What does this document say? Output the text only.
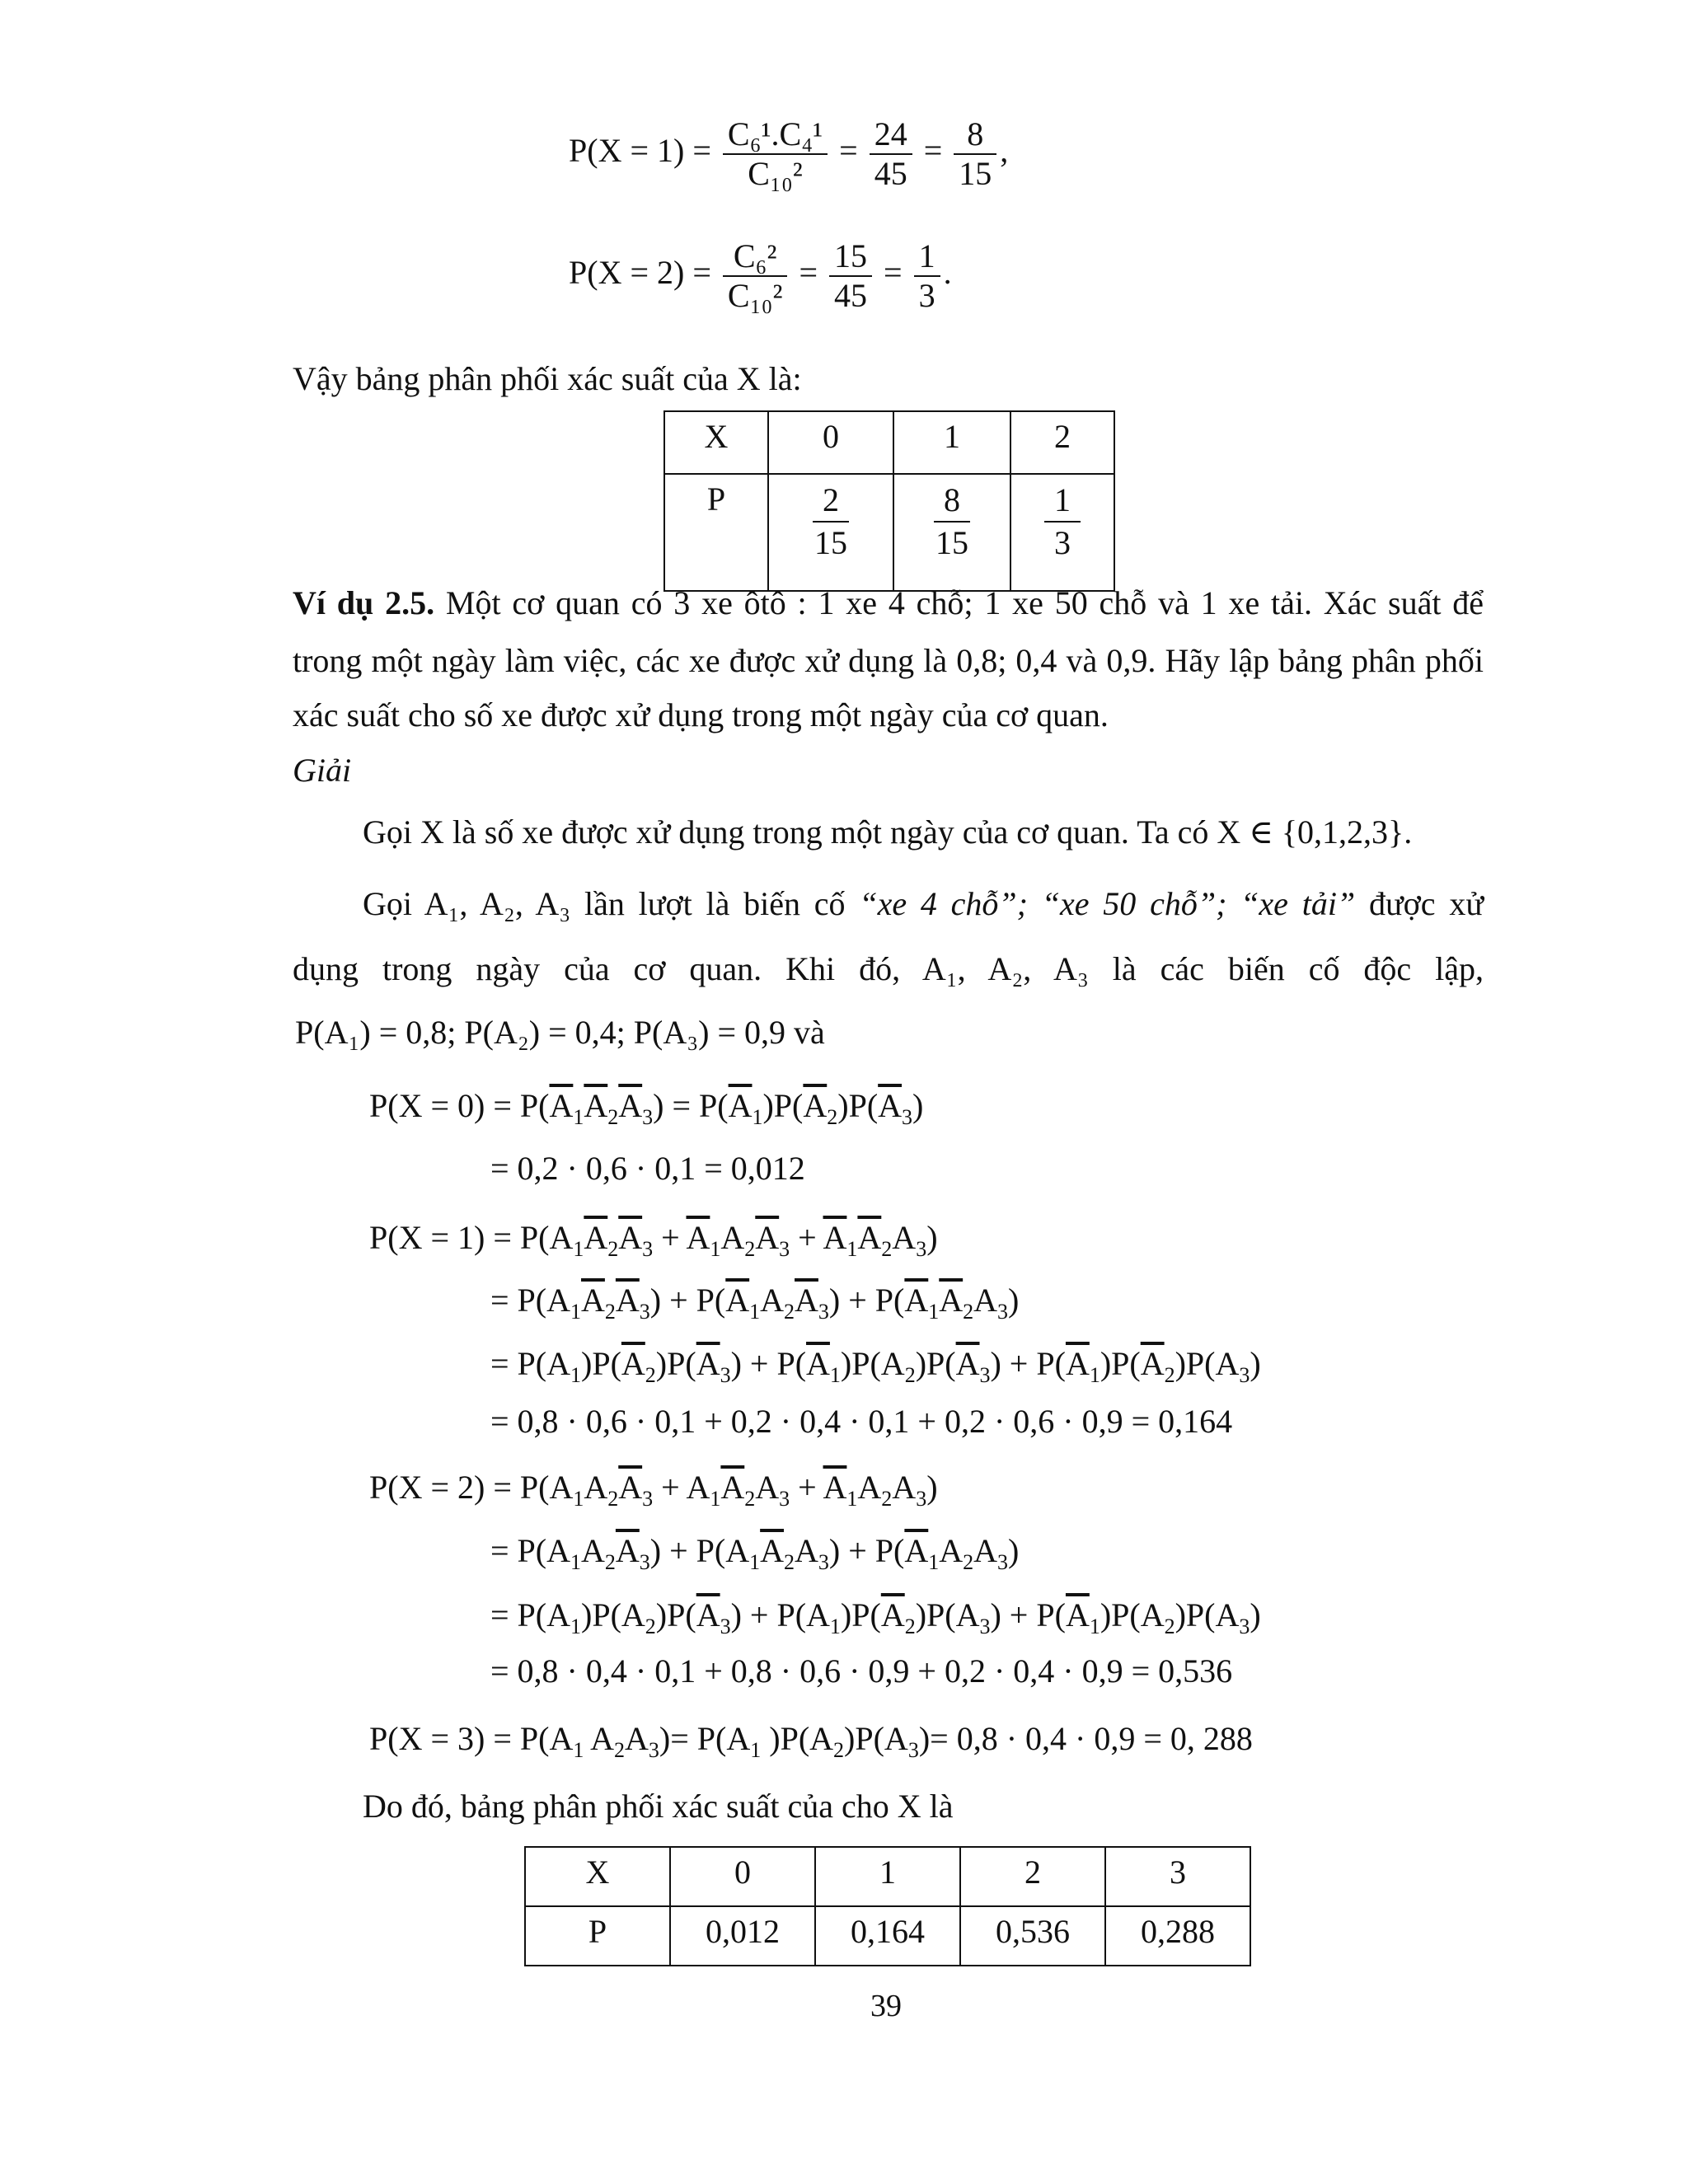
$P(X = 1) = \frac{\text{C₆¹.C₄¹}}{\text{C₁₀²}} = \frac{24}{45} = \frac{8}{15}$ ,
$P(X = 2) = \frac{\text{C₆²}}{\text{C₁₀²}} = \frac{15}{45} = \frac{1}{3}$ .
Vậy bảng phân phối xác suất của X là:
X	0	1	2
P	$\frac{2}{15}$	$\frac{8}{15}$	$\frac{1}{3}$
Ví dụ 2.5. Một cơ quan có 3 xe ôtô : 1 xe 4 chỗ; 1 xe 50 chỗ và 1 xe tải. Xác suất để
trong một ngày làm việc, các xe được xử dụng là 0,8; 0,4 và 0,9. Hãy lập bảng phân phối
xác suất cho số xe được xử dụng trong một ngày của cơ quan.
Giải
Gọi X là số xe được xử dụng trong một ngày của cơ quan. Ta có X ∈ {0,1,2,3}.
Gọi A₁, A₂, A₃ lần lượt là biến cố “xe 4 chỗ”; “xe 50 chỗ”; “xe tải” được xử
dụng trong ngày của cơ quan. Khi đó, A₁, A₂, A₃ là các biến cố độc lập,
P(A₁) = 0,8; P(A₂) = 0,4; P(A₃) = 0,9 và
$P(X = 0) = P(\overline{A}_1\overline{A}_2\overline{A}_3) = P(\overline{A}_1)P(\overline{A}_2)P(\overline{A}_3)$
= 0,2 · 0,6 · 0,1 = 0,012
$P(X = 1) = P(A_1\overline{A}_2\overline{A}_3 + \overline{A}_1A_2\overline{A}_3 + \overline{A}_1\overline{A}_2A_3)$
= $P(A_1\overline{A}_2\overline{A}_3) + P(\overline{A}_1A_2\overline{A}_3) + P(\overline{A}_1\overline{A}_2A_3)$
= $P(A_1)P(\overline{A}_2)P(\overline{A}_3) + P(\overline{A}_1)P(A_2)P(\overline{A}_3) + P(\overline{A}_1)P(\overline{A}_2)P(A_3)$
= 0,8 · 0,6 · 0,1 + 0,2 · 0,4 · 0,1 + 0,2 · 0,6 · 0,9 = 0,164
$P(X = 2) = P(A_1A_2\overline{A}_3 + A_1\overline{A}_2A_3 + \overline{A}_1A_2A_3)$
= $P(A_1A_2\overline{A}_3) + P(A_1\overline{A}_2A_3) + P(\overline{A}_1A_2A_3)$
= $P(A_1)P(A_2)P(\overline{A}_3) + P(A_1)P(\overline{A}_2)P(A_3) + P(\overline{A}_1)P(A_2)P(A_3)$
= 0,8 · 0,4 · 0,1 + 0,8 · 0,6 · 0,9 + 0,2 · 0,4 · 0,9 = 0,536
$P(X = 3) = P(A_1$ $A_2A_3)= P(A_1$ )$P(A_2)P(A_3)= 0,8 \cdot 0,4 \cdot 0,9 = 0$, 288
Do đó, bảng phân phối xác suất của cho X là
X	0	1	2	3
P	0,012	0,164	0,536	0,288
39
